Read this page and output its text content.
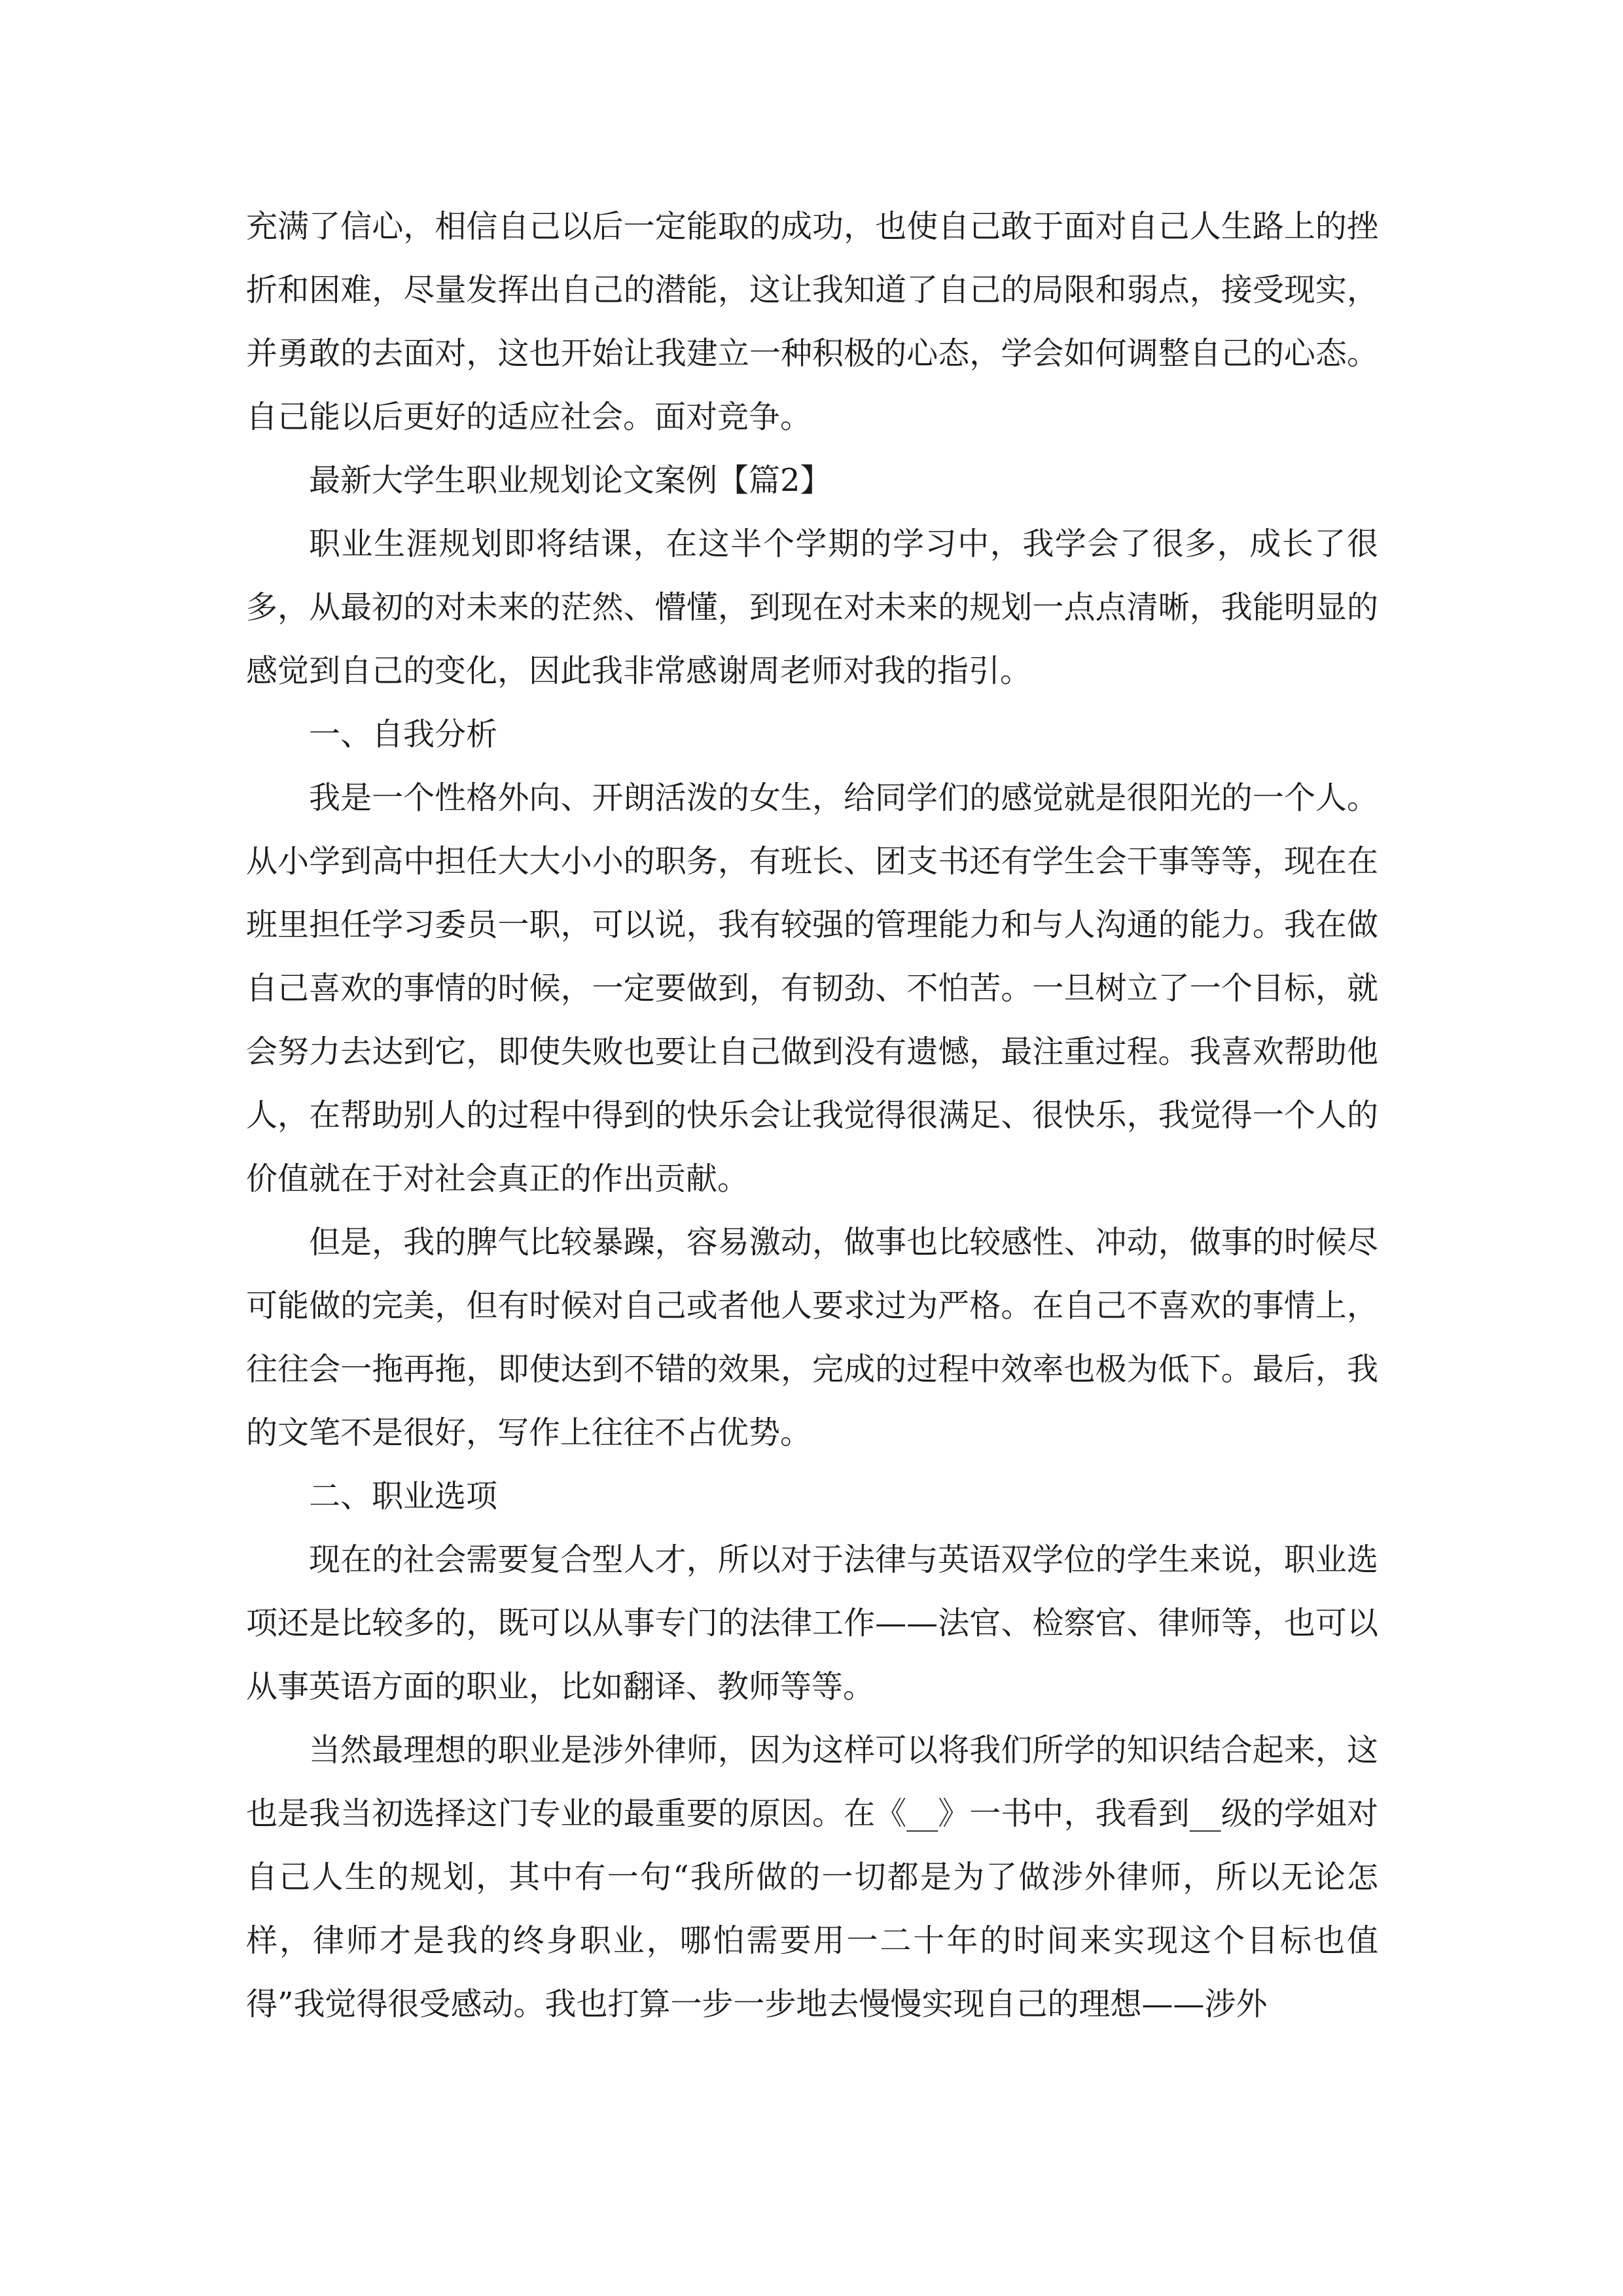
充满了信心，相信自己以后一定能取的成功，也使自己敢于面对自己人生路上的挫折和困难，尽量发挥出自己的潜能，这让我知道了自己的局限和弱点，接受现实，并勇敢的去面对，这也开始让我建立一种积极的心态，学会如何调整自己的心态。自己能以后更好的适应社会。面对竞争。

最新大学生职业规划论文案例【篇2】

职业生涯规划即将结课，在这半个学期的学习中，我学会了很多，成长了很多，从最初的对未来的茫然、懵懂，到现在对未来的规划一点点清晰，我能明显的感觉到自己的变化，因此我非常感谢周老师对我的指引。

一、自我分析

我是一个性格外向、开朗活泼的女生，给同学们的感觉就是很阳光的一个人。从小学到高中担任大大小小的职务，有班长、团支书还有学生会干事等等，现在在班里担任学习委员一职，可以说，我有较强的管理能力和与人沟通的能力。我在做自己喜欢的事情的时候，一定要做到，有韧劲、不怕苦。一旦树立了一个目标，就会努力去达到它，即使失败也要让自己做到没有遗憾，最注重过程。我喜欢帮助他人，在帮助别人的过程中得到的快乐会让我觉得很满足、很快乐，我觉得一个人的价值就在于对社会真正的作出贡献。

但是，我的脾气比较暴躁，容易激动，做事也比较感性、冲动，做事的时候尽可能做的完美，但有时候对自己或者他人要求过为严格。在自己不喜欢的事情上，往往会一拖再拖，即使达到不错的效果，完成的过程中效率也极为低下。最后，我的文笔不是很好，写作上往往不占优势。

二、职业选项

现在的社会需要复合型人才，所以对于法律与英语双学位的学生来说，职业选项还是比较多的，既可以从事专门的法律工作——法官、检察官、律师等，也可以从事英语方面的职业，比如翻译、教师等等。

当然最理想的职业是涉外律师，因为这样可以将我们所学的知识结合起来，这也是我当初选择这门专业的最重要的原因。在《__》一书中，我看到__级的学姐对自己人生的规划，其中有一句“我所做的一切都是为了做涉外律师，所以无论怎样，律师才是我的终身职业，哪怕需要用一二十年的时间来实现这个目标也值得”我觉得很受感动。我也打算一步一步地去慢慢实现自己的理想——涉外
